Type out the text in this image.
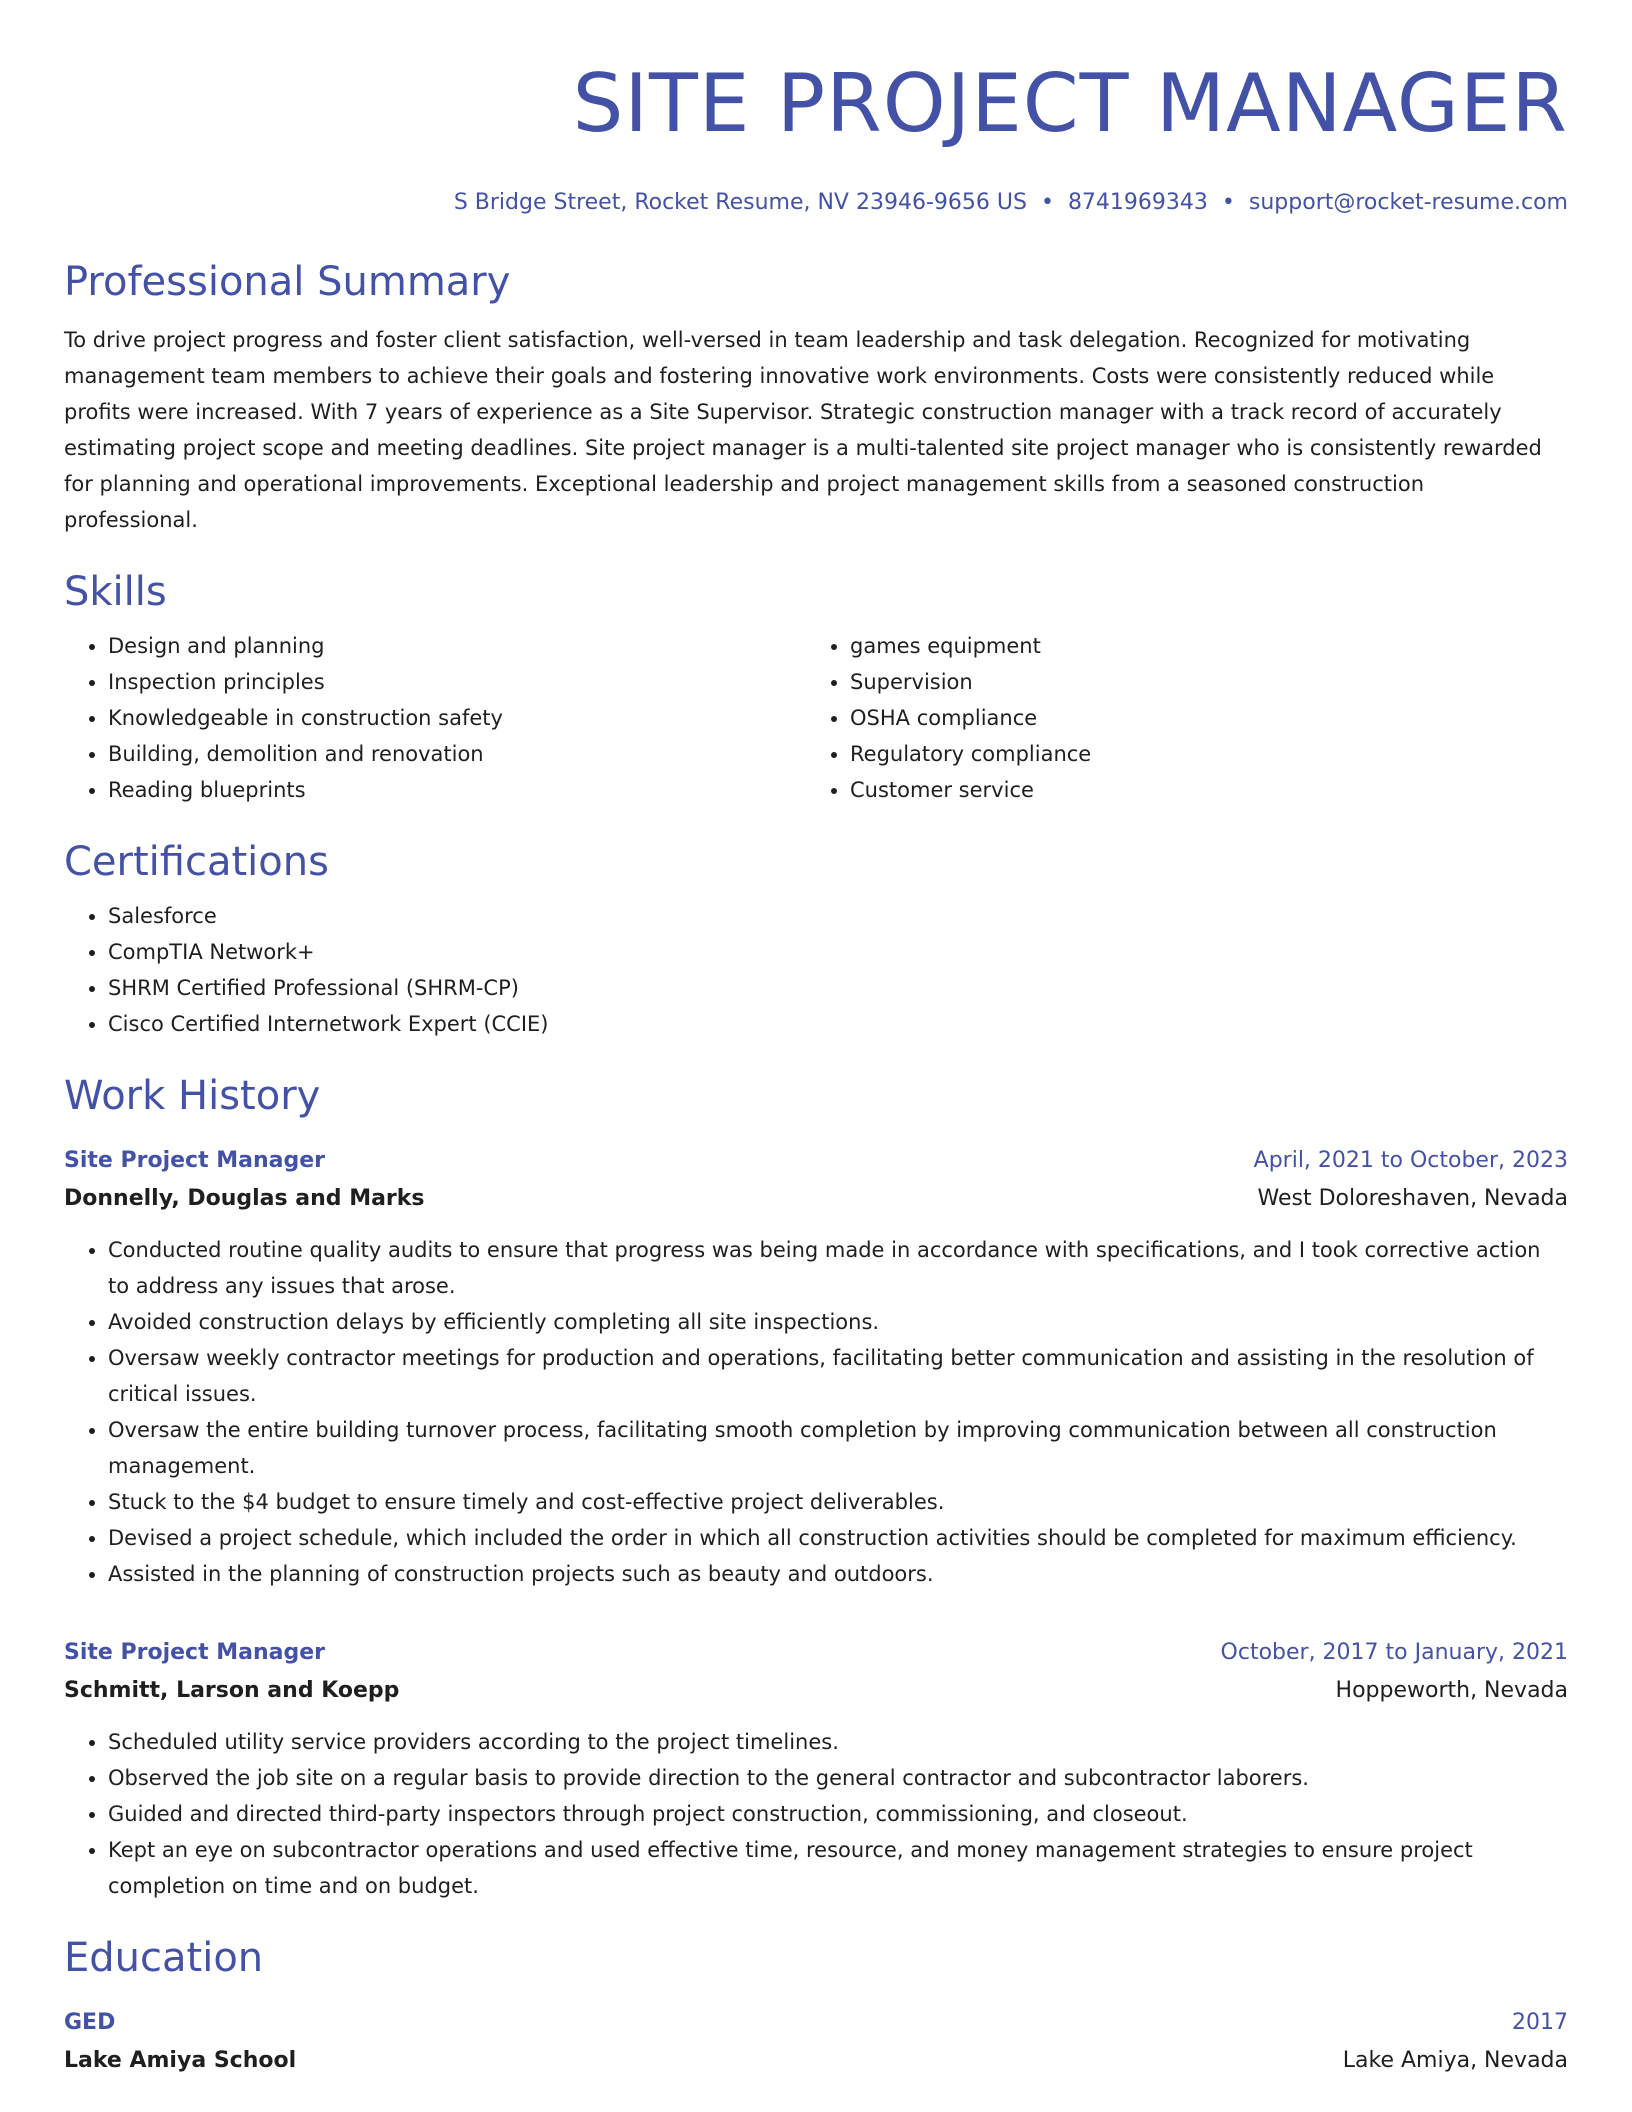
SITE PROJECT MANAGER
S Bridge Street, Rocket Resume, NV 23946-9656 US • 8741969343 • support@rocket-resume.com
Professional Summary
To drive project progress and foster client satisfaction, well-versed in team leadership and task delegation. Recognized for motivating management team members to achieve their goals and fostering innovative work environments. Costs were consistently reduced while profits were increased. With 7 years of experience as a Site Supervisor. Strategic construction manager with a track record of accurately estimating project scope and meeting deadlines. Site project manager is a multi-talented site project manager who is consistently rewarded for planning and operational improvements. Exceptional leadership and project management skills from a seasoned construction professional.
Skills
• Design and planning
• Inspection principles
• Knowledgeable in construction safety
• Building, demolition and renovation
• Reading blueprints
• games equipment
• Supervision
• OSHA compliance
• Regulatory compliance
• Customer service
Certifications
• Salesforce
• CompTIA Network+
• SHRM Certified Professional (SHRM-CP)
• Cisco Certified Internetwork Expert (CCIE)
Work History
Site Project Manager	April, 2021 to October, 2023
Donnelly, Douglas and Marks	West Doloreshaven, Nevada
• Conducted routine quality audits to ensure that progress was being made in accordance with specifications, and I took corrective action to address any issues that arose.
• Avoided construction delays by efficiently completing all site inspections.
• Oversaw weekly contractor meetings for production and operations, facilitating better communication and assisting in the resolution of critical issues.
• Oversaw the entire building turnover process, facilitating smooth completion by improving communication between all construction management.
• Stuck to the $4 budget to ensure timely and cost-effective project deliverables.
• Devised a project schedule, which included the order in which all construction activities should be completed for maximum efficiency.
• Assisted in the planning of construction projects such as beauty and outdoors.
Site Project Manager	October, 2017 to January, 2021
Schmitt, Larson and Koepp	Hoppeworth, Nevada
• Scheduled utility service providers according to the project timelines.
• Observed the job site on a regular basis to provide direction to the general contractor and subcontractor laborers.
• Guided and directed third-party inspectors through project construction, commissioning, and closeout.
• Kept an eye on subcontractor operations and used effective time, resource, and money management strategies to ensure project completion on time and on budget.
Education
GED	2017
Lake Amiya School	Lake Amiya, Nevada
